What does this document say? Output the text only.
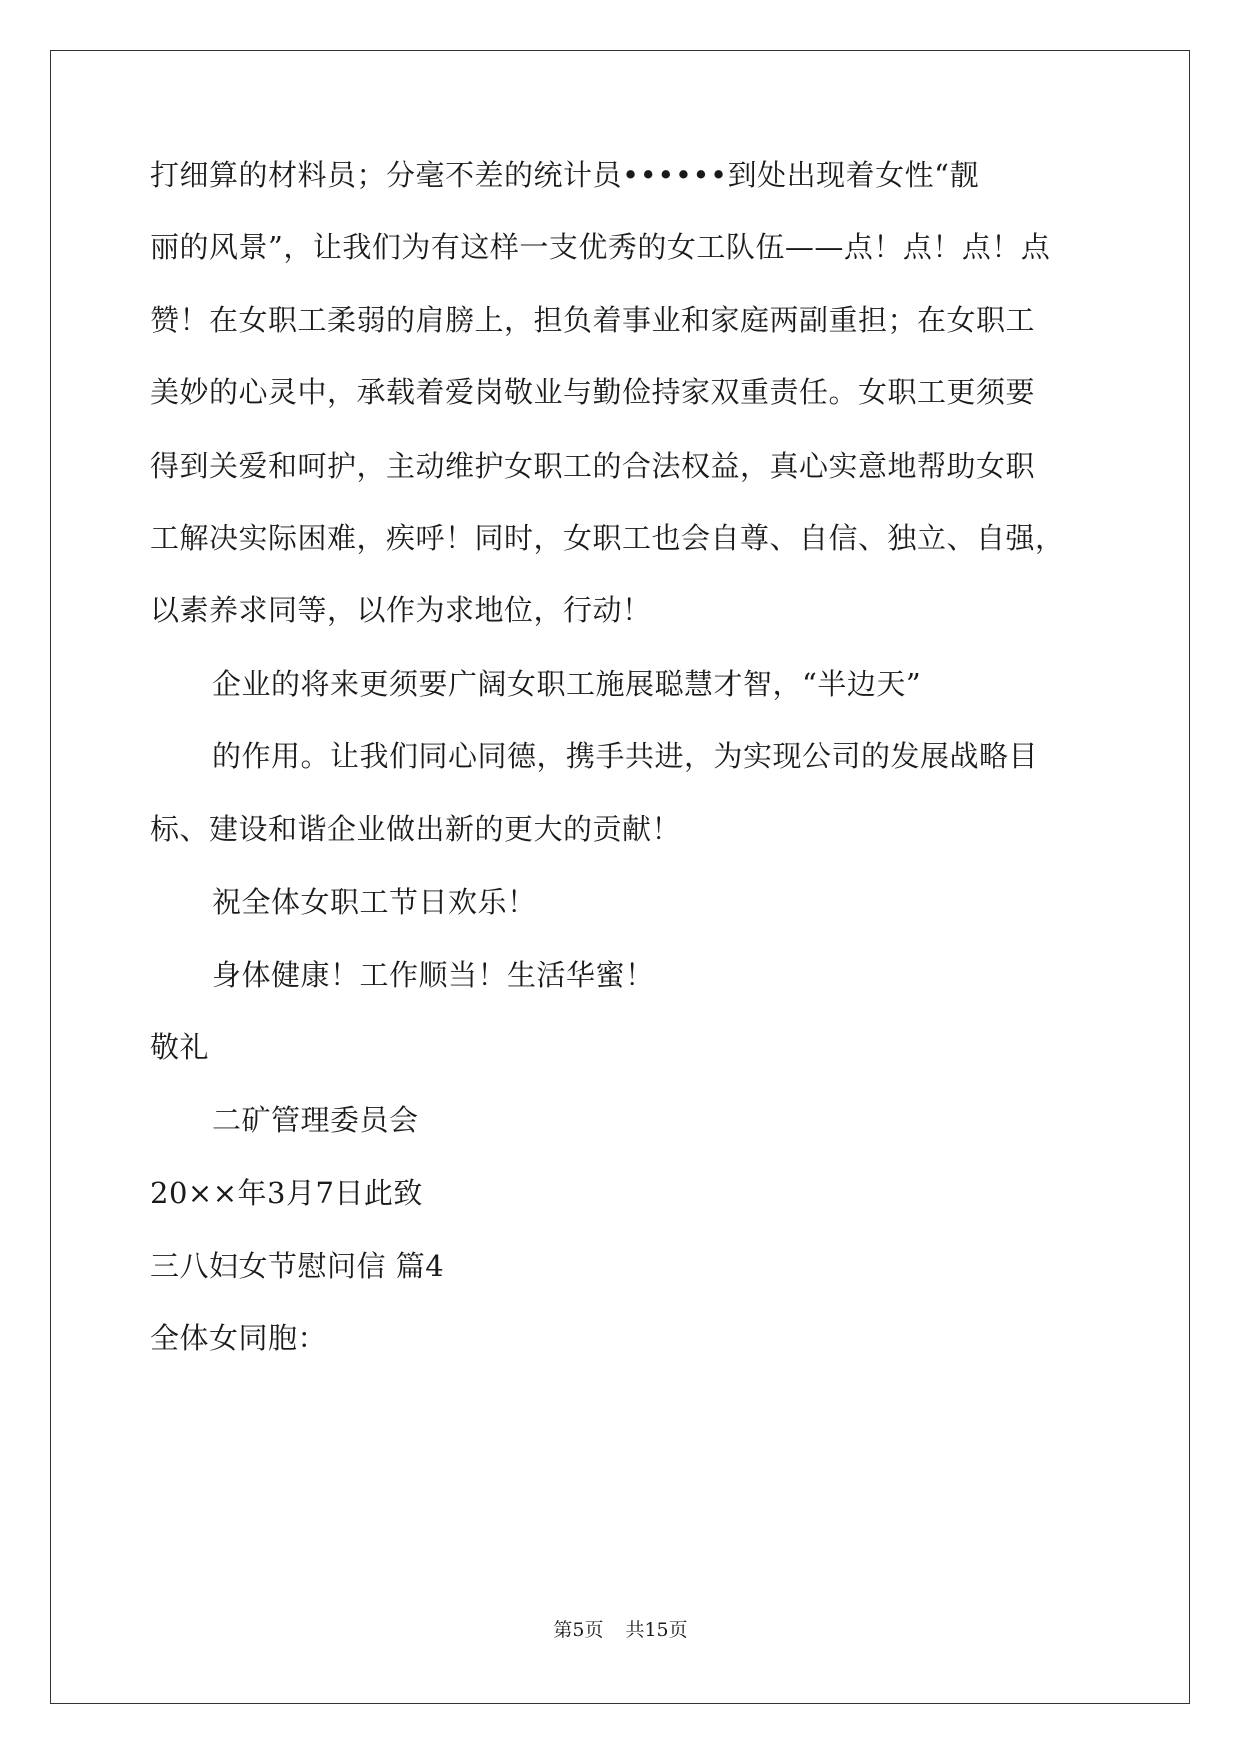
打细算的材料员；分毫不差的统计员••••••到处出现着女性“靓
丽的风景”，让我们为有这样一支优秀的女工队伍——点！点！点！点
赞！在女职工柔弱的肩膀上，担负着事业和家庭两副重担；在女职工
美妙的心灵中，承载着爱岗敬业与勤俭持家双重责任。女职工更须要
得到关爱和呵护，主动维护女职工的合法权益，真心实意地帮助女职
工解决实际困难，疾呼！同时，女职工也会自尊、自信、独立、自强，
以素养求同等，以作为求地位，行动！
企业的将来更须要广阔女职工施展聪慧才智，“半边天”
的作用。让我们同心同德，携手共进，为实现公司的发展战略目
标、建设和谐企业做出新的更大的贡献！
祝全体女职工节日欢乐！
身体健康！工作顺当！生活华蜜！
敬礼
二矿管理委员会
20××年3月7日此致
三八妇女节慰问信 篇4
全体女同胞：
第5页 共15页
